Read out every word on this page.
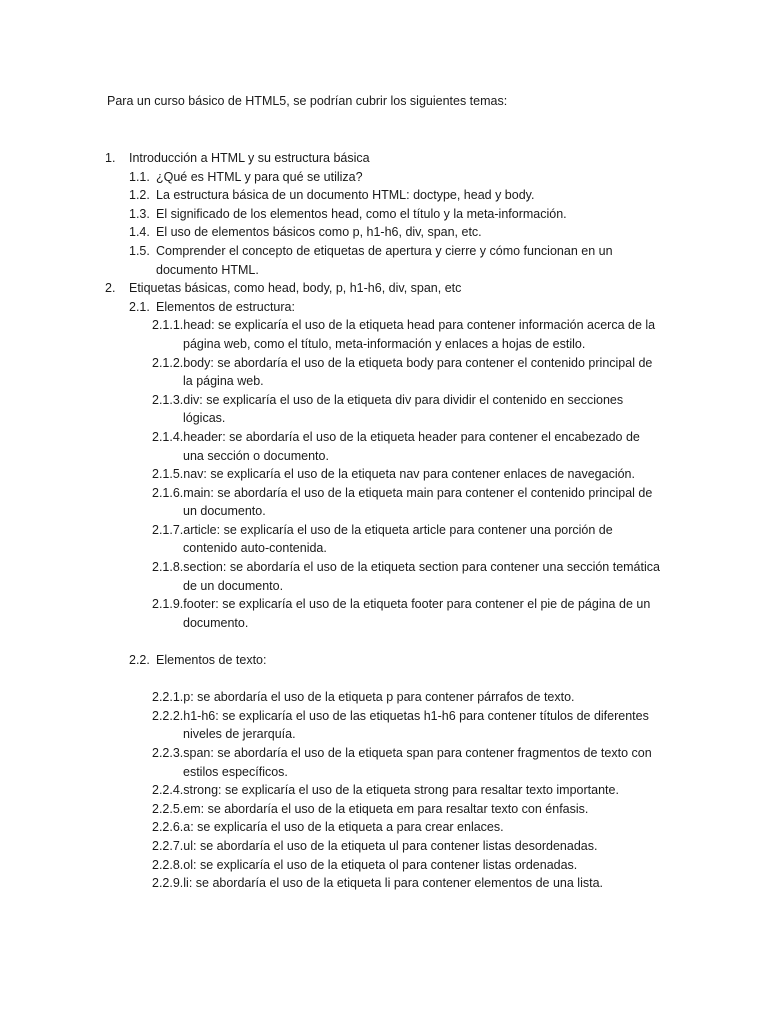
Para un curso básico de HTML5, se podrían cubrir los siguientes temas:
1. Introducción a HTML y su estructura básica
1.1. ¿Qué es HTML y para qué se utiliza?
1.2. La estructura básica de un documento HTML: doctype, head y body.
1.3. El significado de los elementos head, como el título y la meta-información.
1.4. El uso de elementos básicos como p, h1-h6, div, span, etc.
1.5. Comprender el concepto de etiquetas de apertura y cierre y cómo funcionan en un documento HTML.
2. Etiquetas básicas, como head, body, p, h1-h6, div, span, etc
2.1. Elementos de estructura:
2.1.1.head: se explicaría el uso de la etiqueta head para contener información acerca de la página web, como el título, meta-información y enlaces a hojas de estilo.
2.1.2.body: se abordaría el uso de la etiqueta body para contener el contenido principal de la página web.
2.1.3.div: se explicaría el uso de la etiqueta div para dividir el contenido en secciones lógicas.
2.1.4.header: se abordaría el uso de la etiqueta header para contener el encabezado de una sección o documento.
2.1.5.nav: se explicaría el uso de la etiqueta nav para contener enlaces de navegación.
2.1.6.main: se abordaría el uso de la etiqueta main para contener el contenido principal de un documento.
2.1.7.article: se explicaría el uso de la etiqueta article para contener una porción de contenido auto-contenida.
2.1.8.section: se abordaría el uso de la etiqueta section para contener una sección temática de un documento.
2.1.9.footer: se explicaría el uso de la etiqueta footer para contener el pie de página de un documento.
2.2. Elementos de texto:
2.2.1.p: se abordaría el uso de la etiqueta p para contener párrafos de texto.
2.2.2.h1-h6: se explicaría el uso de las etiquetas h1-h6 para contener títulos de diferentes niveles de jerarquía.
2.2.3.span: se abordaría el uso de la etiqueta span para contener fragmentos de texto con estilos específicos.
2.2.4.strong: se explicaría el uso de la etiqueta strong para resaltar texto importante.
2.2.5.em: se abordaría el uso de la etiqueta em para resaltar texto con énfasis.
2.2.6.a: se explicaría el uso de la etiqueta a para crear enlaces.
2.2.7.ul: se abordaría el uso de la etiqueta ul para contener listas desordenadas.
2.2.8.ol: se explicaría el uso de la etiqueta ol para contener listas ordenadas.
2.2.9.li: se abordaría el uso de la etiqueta li para contener elementos de una lista.
